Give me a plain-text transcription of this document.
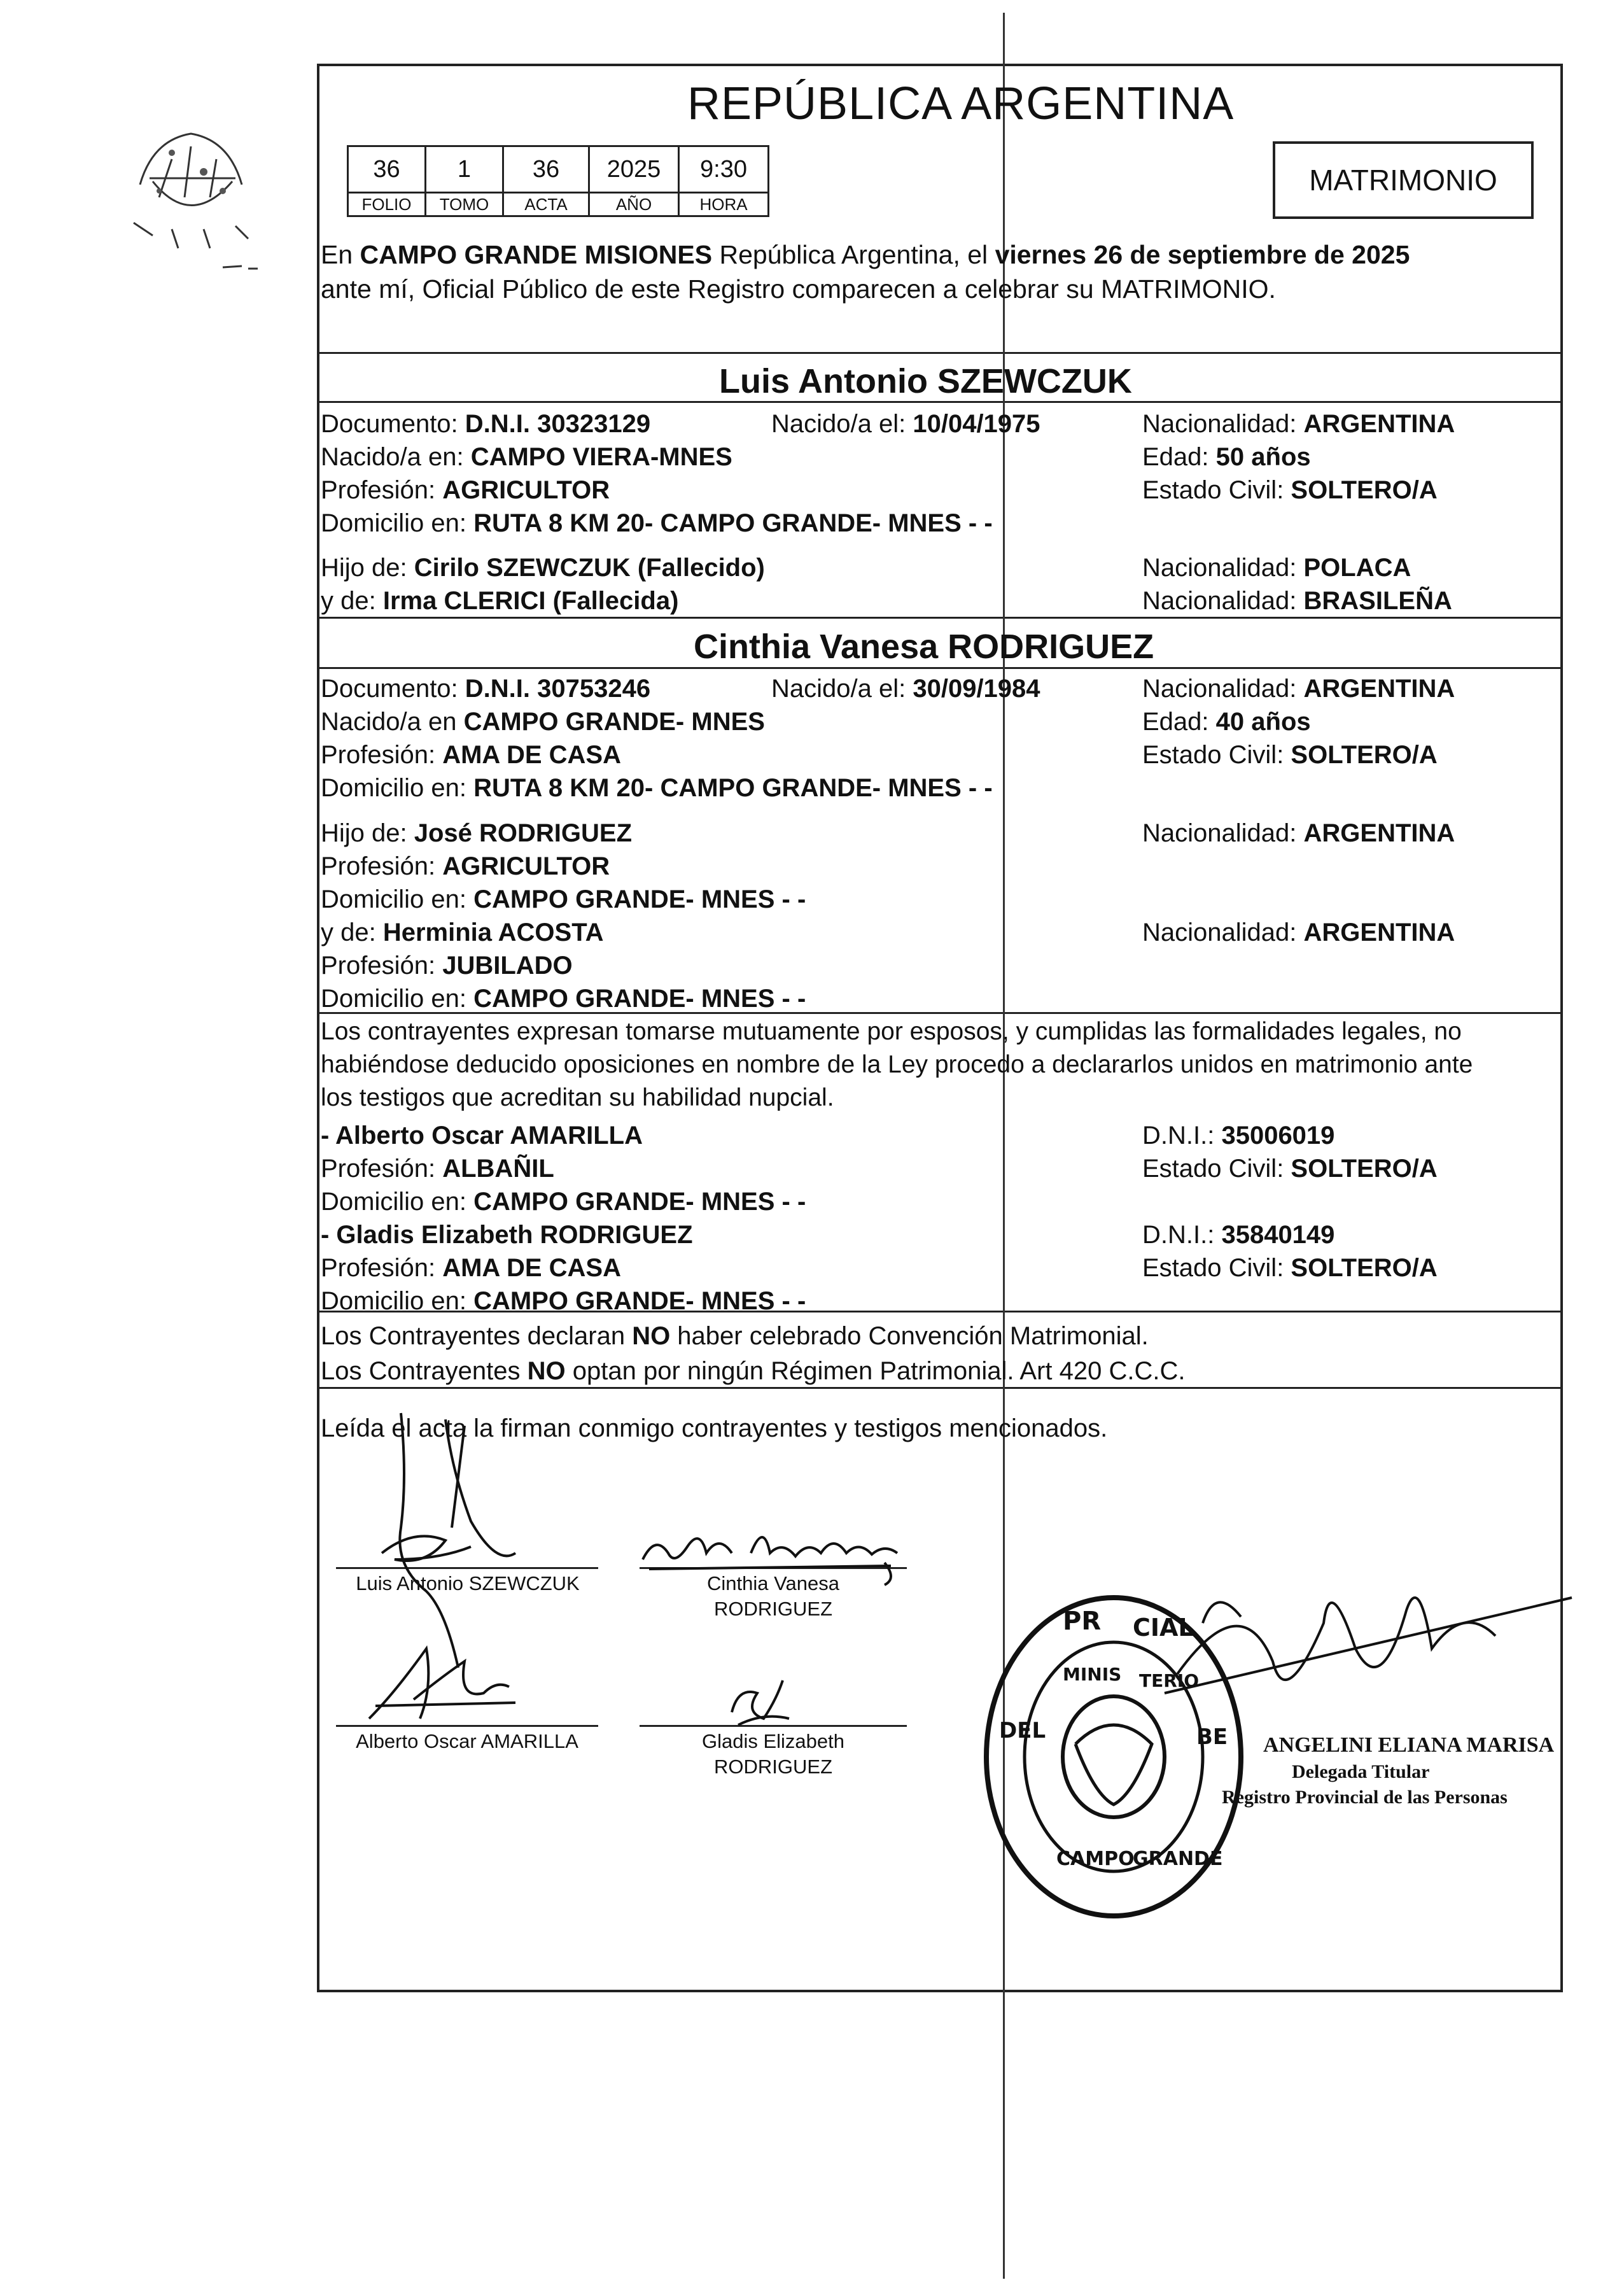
REPÚBLICA ARGENTINA
36	1	36	2025	9:30
FOLIO	TOMO	ACTA	AÑO	HORA
MATRIMONIO
En CAMPO GRANDE MISIONES República Argentina, el viernes 26 de septiembre de 2025
ante mí, Oficial Público de este Registro comparecen a celebrar su MATRIMONIO.
Luis Antonio SZEWCZUK
Documento: D.N.I. 30323129	Nacido/a el: 10/04/1975	Nacionalidad: ARGENTINA
Nacido/a en: CAMPO VIERA-MNES	Edad: 50 años
Profesión: AGRICULTOR	Estado Civil: SOLTERO/A
Domicilio en: RUTA 8 KM 20- CAMPO GRANDE- MNES - -
Hijo de: Cirilo SZEWCZUK (Fallecido)	Nacionalidad: POLACA
y de: Irma CLERICI (Fallecida)	Nacionalidad: BRASILEÑA
Cinthia Vanesa RODRIGUEZ
Documento: D.N.I. 30753246	Nacido/a el: 30/09/1984	Nacionalidad: ARGENTINA
Nacido/a en CAMPO GRANDE- MNES	Edad: 40 años
Profesión: AMA DE CASA	Estado Civil: SOLTERO/A
Domicilio en: RUTA 8 KM 20- CAMPO GRANDE- MNES - -
Hijo de: José RODRIGUEZ	Nacionalidad: ARGENTINA
Profesión: AGRICULTOR
Domicilio en: CAMPO GRANDE- MNES - -
y de: Herminia ACOSTA	Nacionalidad: ARGENTINA
Profesión: JUBILADO
Domicilio en: CAMPO GRANDE- MNES - -
Los contrayentes expresan tomarse mutuamente por esposos, y cumplidas las formalidades legales, no
habiéndose deducido oposiciones en nombre de la Ley procedo a declararlos unidos en matrimonio ante
los testigos que acreditan su habilidad nupcial.
- Alberto Oscar AMARILLA	D.N.I.: 35006019
Profesión: ALBAÑIL	Estado Civil: SOLTERO/A
Domicilio en: CAMPO GRANDE- MNES - -
- Gladis Elizabeth RODRIGUEZ	D.N.I.: 35840149
Profesión: AMA DE CASA	Estado Civil: SOLTERO/A
Domicilio en: CAMPO GRANDE- MNES - -
Los Contrayentes declaran NO haber celebrado Convención Matrimonial.
Los Contrayentes NO optan por ningún Régimen Patrimonial. Art 420 C.C.C.
Leída el acta la firman conmigo contrayentes y testigos mencionados.
Luis Antonio SZEWCZUK	Cinthia Vanesa
RODRIGUEZ
Alberto Oscar AMARILLA	Gladis Elizabeth
RODRIGUEZ
PR CIAL
DEL	BE
MINIS TERIO
CAMPO
GRANDE
ANGELINI ELIANA MARISA
Delegada Titular
Registro Provincial de las Personas
